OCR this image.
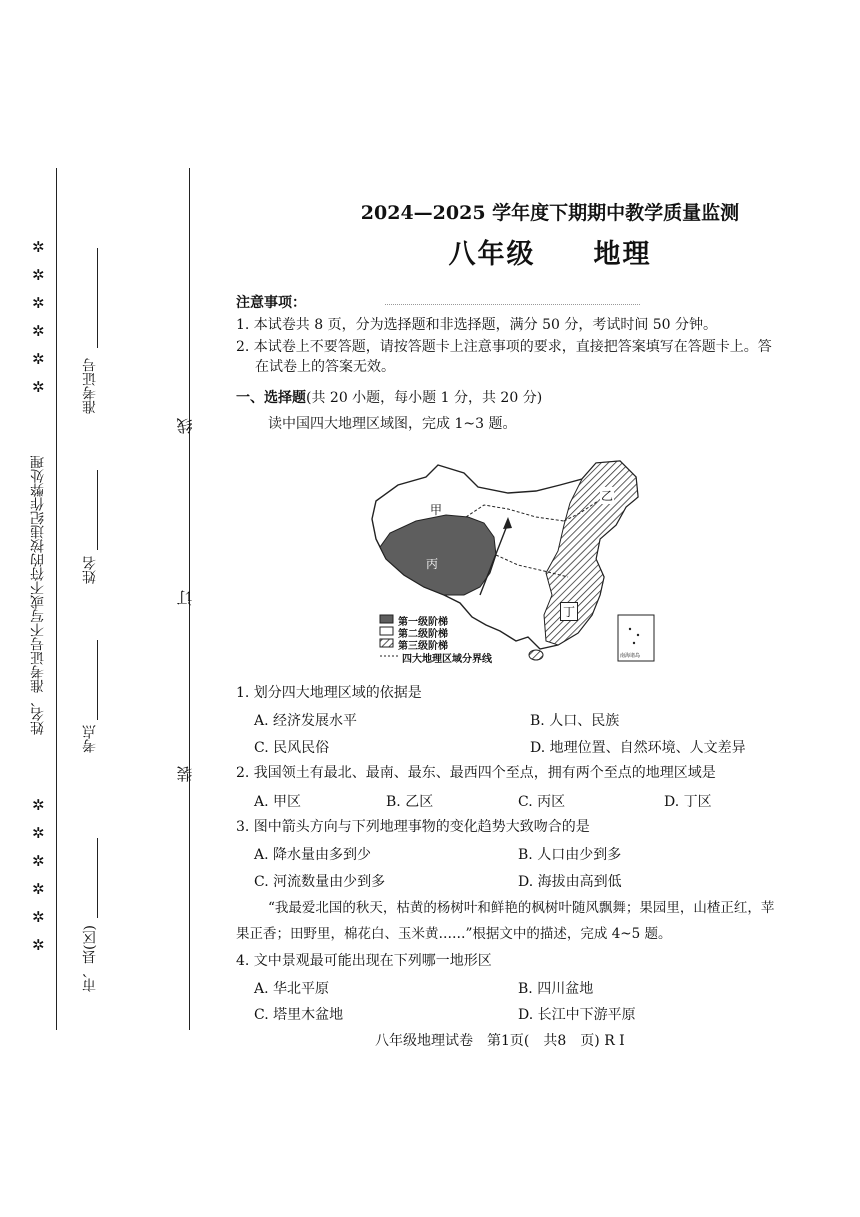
✲
✲
✲
✲
✲
✲
姓名、准考证号不写或不符的按违纪作弊处理
✲
✲
✲
✲
✲
✲	市、县(区)
考点
姓名
准考证号
线
订
装
2024—2025 学年度下期期中教学质量监测
八年级　　地理
注意事项：
1. 本试卷共 8 页，分为选择题和非选择题，满分 50 分，考试时间 50 分钟。
2. 本试卷上不要答题，请按答题卡上注意事项的要求，直接把答案填写在答题卡上。答
在试卷上的答案无效。
一、选择题(共 20 小题，每小题 1 分，共 20 分)
读中国四大地理区域图，完成 1~3 题。
甲
乙
丙
丁
第一级阶梯
第二级阶梯
第三级阶梯
四大地理区域分界线	南海诸岛
1. 划分四大地理区域的依据是
A. 经济发展水平	B. 人口、民族
C. 民风民俗	D. 地理位置、自然环境、人文差异
2. 我国领土有最北、最南、最东、最西四个至点，拥有两个至点的地理区域是
A. 甲区	B. 乙区	C. 丙区	D. 丁区
3. 图中箭头方向与下列地理事物的变化趋势大致吻合的是
A. 降水量由多到少	B. 人口由少到多
C. 河流数量由少到多	D. 海拔由高到低
“我最爱北国的秋天，枯黄的杨树叶和鲜艳的枫树叶随风飘舞；果园里，山楂正红，苹
果正香；田野里，棉花白、玉米黄……”根据文中的描述，完成 4~5 题。
4. 文中景观最可能出现在下列哪一地形区
A. 华北平原	B. 四川盆地
C. 塔里木盆地	D. 长江中下游平原
八年级地理试卷　第1页(　共8　页) R I
